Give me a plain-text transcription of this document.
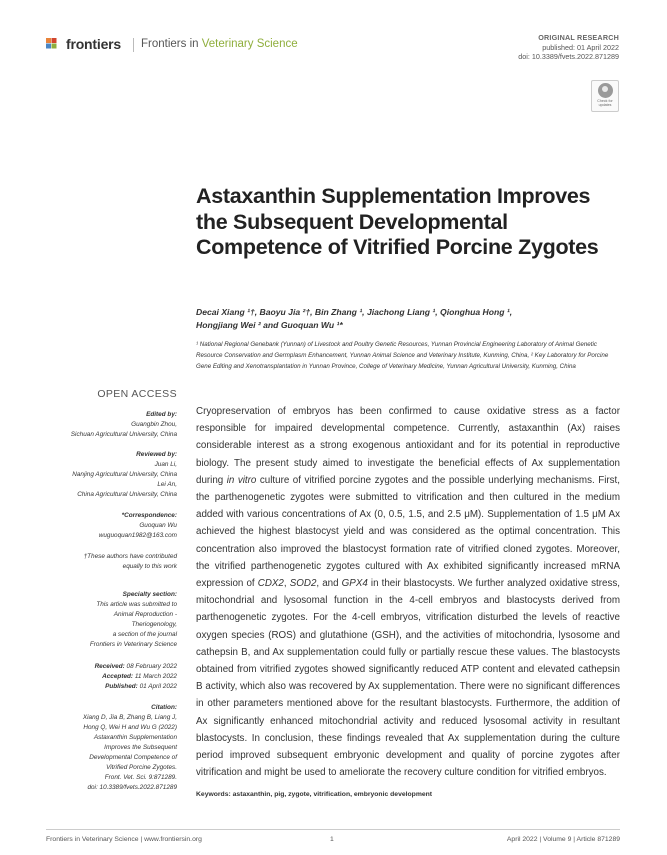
frontiers Frontiers in Veterinary Science
ORIGINAL RESEARCH
published: 01 April 2022
doi: 10.3389/fvets.2022.871289
Check for updates
Astaxanthin Supplementation Improves the Subsequent Developmental Competence of Vitrified Porcine Zygotes
Decai Xiang ¹†, Baoyu Jia ²†, Bin Zhang ¹, Jiachong Liang ¹, Qionghua Hong ¹,
Hongjiang Wei ² and Guoquan Wu ¹*
¹ National Regional Genebank (Yunnan) of Livestock and Poultry Genetic Resources, Yunnan Provincial Engineering Laboratory of Animal Genetic Resource Conservation and Germplasm Enhancement, Yunnan Animal Science and Veterinary Institute, Kunming, China, ² Key Laboratory for Porcine Gene Editing and Xenotransplantation in Yunnan Province, College of Veterinary Medicine, Yunnan Agricultural University, Kunming, China
OPEN ACCESS
Edited by:
Guangbin Zhou,
Sichuan Agricultural University, China
Reviewed by:
Juan Li,
Nanjing Agricultural University, China
Lei An,
China Agricultural University, China
*Correspondence:
Guoquan Wu
wuguoquan1982@163.com
†These authors have contributed
equally to this work
Specialty section:
This article was submitted to
Animal Reproduction -
Theriogenology,
a section of the journal
Frontiers in Veterinary Science
Received: 08 February 2022
Accepted: 11 March 2022
Published: 01 April 2022
Citation:
Xiang D, Jia B, Zhang B, Liang J,
Hong Q, Wei H and Wu G (2022)
Astaxanthin Supplementation
Improves the Subsequent
Developmental Competence of
Vitrified Porcine Zygotes.
Front. Vet. Sci. 9:871289.
doi: 10.3389/fvets.2022.871289

Cryopreservation of embryos has been confirmed to cause oxidative stress as a factor responsible for impaired developmental competence. Currently, astaxanthin (Ax) raises considerable interest as a strong exogenous antioxidant and for its potential in reproductive biology. The present study aimed to investigate the beneficial effects of Ax supplementation during in vitro culture of vitrified porcine zygotes and the possible underlying mechanisms. First, the parthenogenetic zygotes were submitted to vitrification and then cultured in the medium added with various concentrations of Ax (0, 0.5, 1.5, and 2.5 μM). Supplementation of 1.5 μM Ax achieved the highest blastocyst yield and was considered as the optimal concentration. This concentration also improved the blastocyst formation rate of vitrified cloned zygotes. Moreover, the vitrified parthenogenetic zygotes cultured with Ax exhibited significantly increased mRNA expression of CDX2, SOD2, and GPX4 in their blastocysts. We further analyzed oxidative stress, mitochondrial and lysosomal function in the 4-cell embryos and blastocysts derived from parthenogenetic zygotes. For the 4-cell embryos, vitrification disturbed the levels of reactive oxygen species (ROS) and glutathione (GSH), and the activities of mitochondria, lysosome and cathepsin B, and Ax supplementation could fully or partially rescue these values. The blastocysts obtained from vitrified zygotes showed significantly reduced ATP content and elevated cathepsin B activity, which also was recovered by Ax supplementation. There were no significant differences in other parameters mentioned above for the resultant blastocysts. Furthermore, the addition of Ax significantly enhanced mitochondrial activity and reduced lysosomal activity in resultant blastocysts. In conclusion, these findings revealed that Ax supplementation during the culture period improved subsequent embryonic development and quality of porcine zygotes after vitrification and might be used to ameliorate the recovery culture condition for vitrified embryos.

Keywords: astaxanthin, pig, zygote, vitrification, embryonic development
Frontiers in Veterinary Science | www.frontiersin.org	1	April 2022 | Volume 9 | Article 871289
